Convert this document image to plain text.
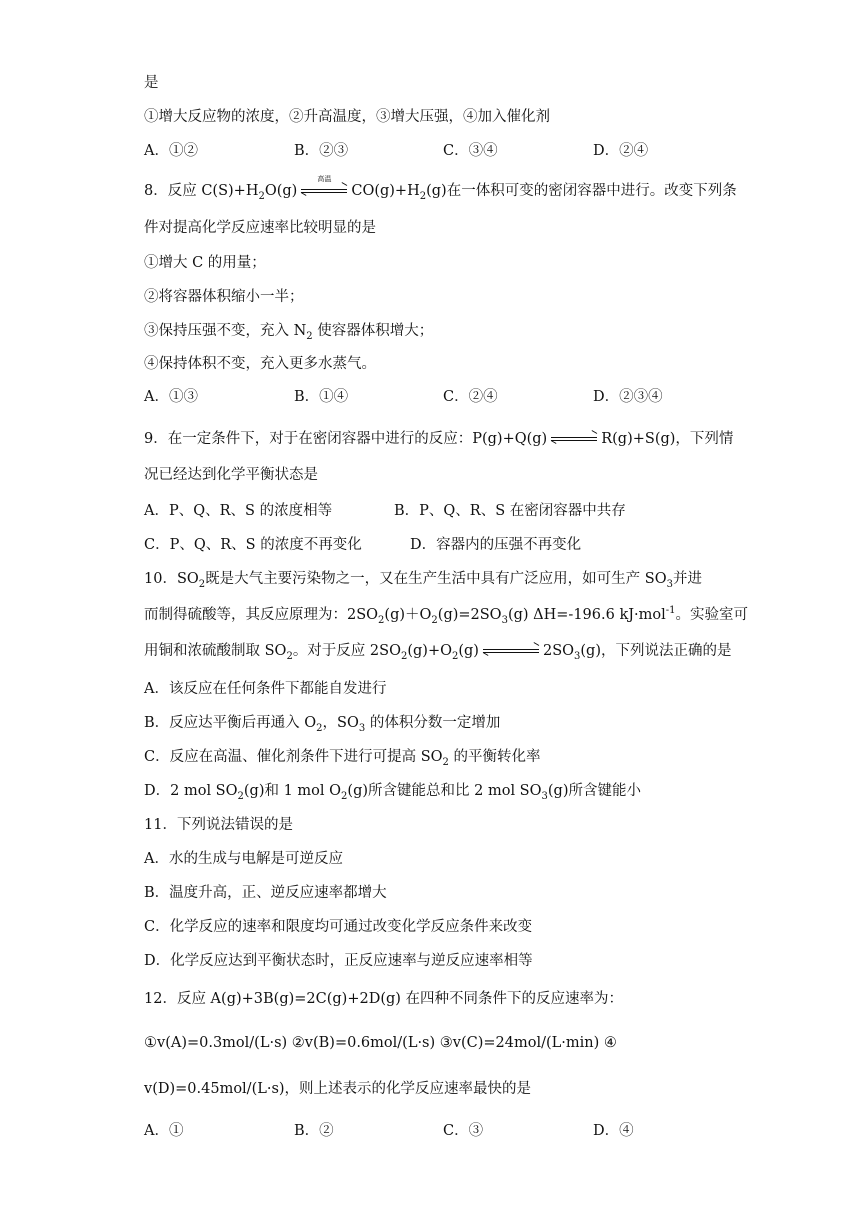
是
①增大反应物的浓度，②升高温度，③增大压强，④加入催化剂
A．①②	B．②③	C．③④	D．②④
8．反应 $C(S)+H_2O(g)$
高温
$CO(g)+H_2(g)$在一体积可变的密闭容器中进行。改变下列条
件对提高化学反应速率比较明显的是
①增大 C 的用量；
②将容器体积缩小一半；
③保持压强不变，充入 $N_2$ 使容器体积增大；
④保持体积不变，充入更多水蒸气。
A．①③	B．①④	C．②④	D．②③④
9．在一定条件下，对于在密闭容器中进行的反应：P(g)+Q(g) ⇌ R(g)+S(g)，下列情
况已经达到化学平衡状态是
A．P、Q、R、S 的浓度相等	B．P、Q、R、S 在密闭容器中共存
C．P、Q、R、S 的浓度不再变化	D．容器内的压强不再变化
10．$SO_2$既是大气主要污染物之一，又在生产生活中具有广泛应用，如可生产 $SO_3$并进
而制得硫酸等，其反应原理为：$2SO_2(g)+O_2(g)=2SO_3(g)$ ΔH=-196.6 kJ·mol$^{-1}$。实验室可
用铜和浓硫酸制取 $SO_2$。对于反应 $2SO_2(g)+O_2(g)$	$2SO_3(g)$，下列说法正确的是
A．该反应在任何条件下都能自发进行
B．反应达平衡后再通入 $O_2$，$SO_3$ 的体积分数一定增加
C．反应在高温、催化剂条件下进行可提高 $SO_2$ 的平衡转化率
D．2 mol $SO_2(g)$和 1 mol $O_2(g)$所含键能总和比 2 mol $SO_3(g)$所含键能小
11．下列说法错误的是
A．水的生成与电解是可逆反应
B．温度升高，正、逆反应速率都增大
C．化学反应的速率和限度均可通过改变化学反应条件来改变
D．化学反应达到平衡状态时，正反应速率与逆反应速率相等
12．反应 A(g)+3B(g)=2C(g)+2D(g) 在四种不同条件下的反应速率为：
①v(A)=0.3mol/(L·s) ②v(B)=0.6mol/(L·s) ③v(C)=24mol/(L·min) ④
v(D)=0.45mol/(L·s)，则上述表示的化学反应速率最快的是
A．①	B．②	C．③	D．④
